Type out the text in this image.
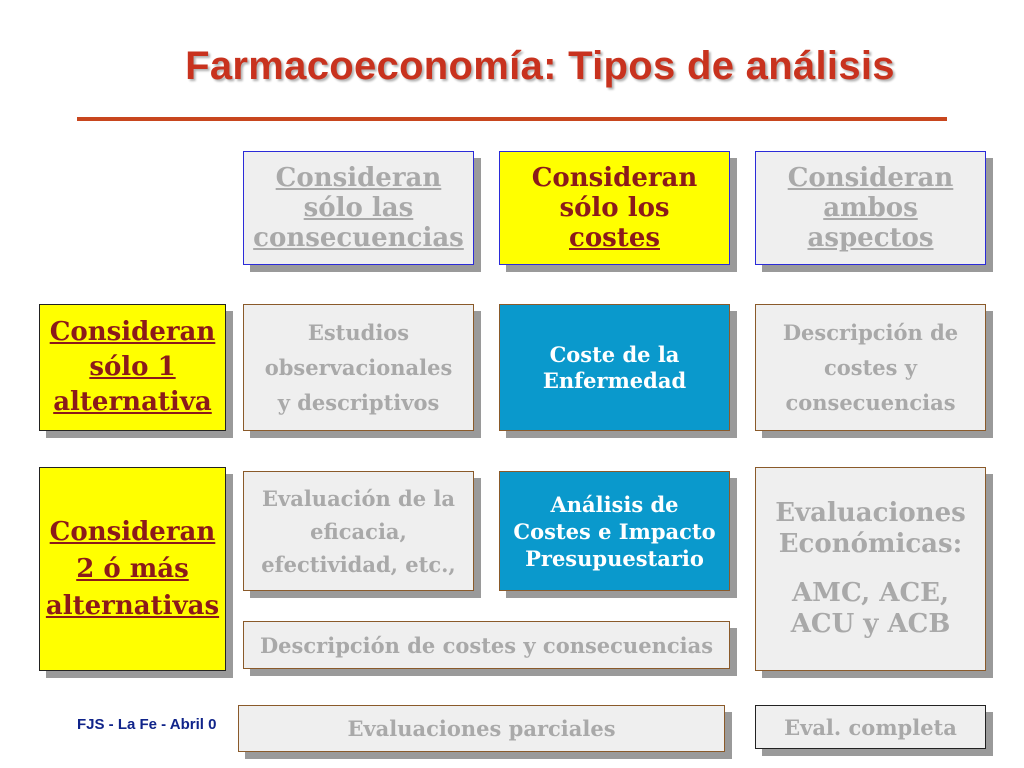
Farmacoeconomía: Tipos de análisis
FJS - La Fe - Abril 0
Consideran
sólo las
consecuencias
Consideran
sólo los
costes
Consideran
ambos
aspectos
Consideran
sólo 1
alternativa
Consideran
2 ó más
alternativas
Estudios
observacionales
y descriptivos
Coste de la
Enfermedad
Descripción de
costes y
consecuencias
Evaluación de la
eficacia,
efectividad, etc.,
Análisis de
Costes e Impacto
Presupuestario
Evaluaciones
Económicas:
AMC, ACE,
ACU y ACB
Descripción de costes y consecuencias
Evaluaciones parciales	Eval. completa
